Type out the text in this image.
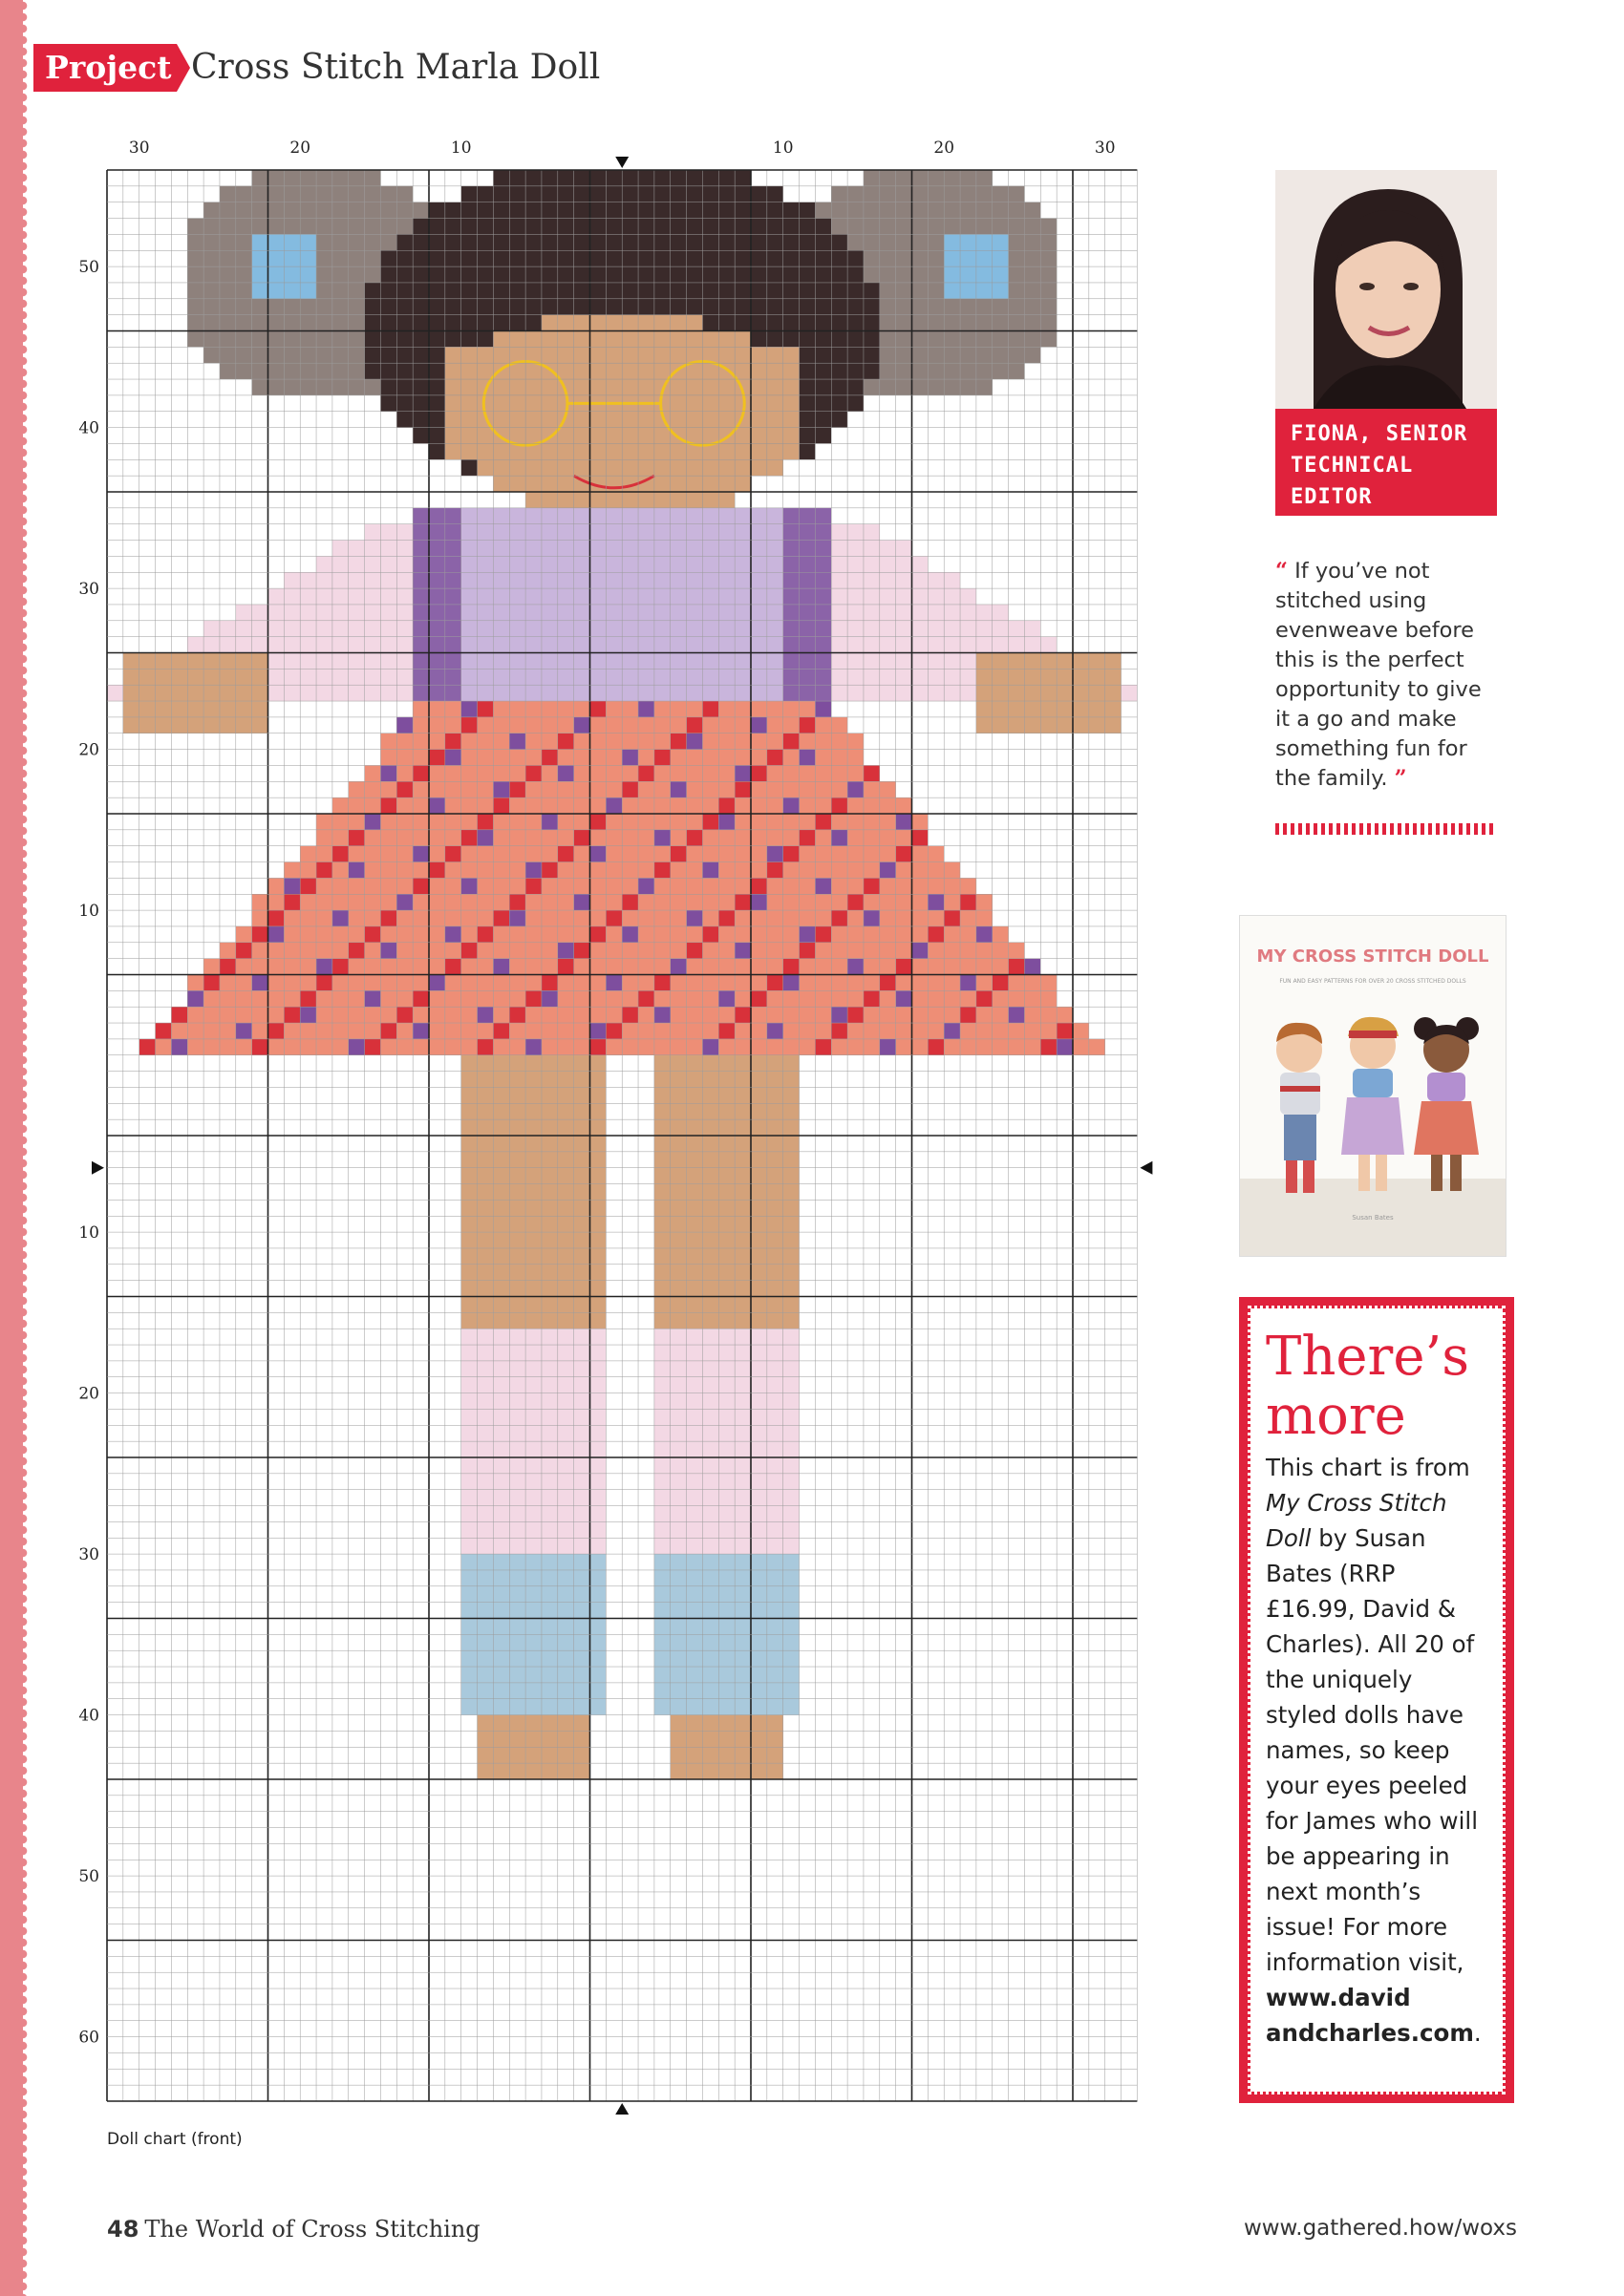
Project Cross Stitch Marla Doll
30	20	10	10	20	30
50
40
30
20
10
10
20
30
40
50
60
Doll chart (front)
FIONA, SENIOR
TECHNICAL
EDITOR
“ If you’ve not stitched using evenweave before this is the perfect opportunity to give it a go and make something fun for the family. ”
MY CROSS STITCH DOLL
FUN AND EASY PATTERNS FOR OVER 20 CROSS STITCHED DOLLS
Susan Bates
There’s
more
This chart is from My Cross Stitch Doll by Susan Bates (RRP £16.99, David & Charles). All 20 of the uniquely styled dolls have names, so keep your eyes peeled for James who will be appearing in next month’s issue! For more information visit, www.david andcharles.com.
48 The World of Cross Stitching	www.gathered.how/woxs
